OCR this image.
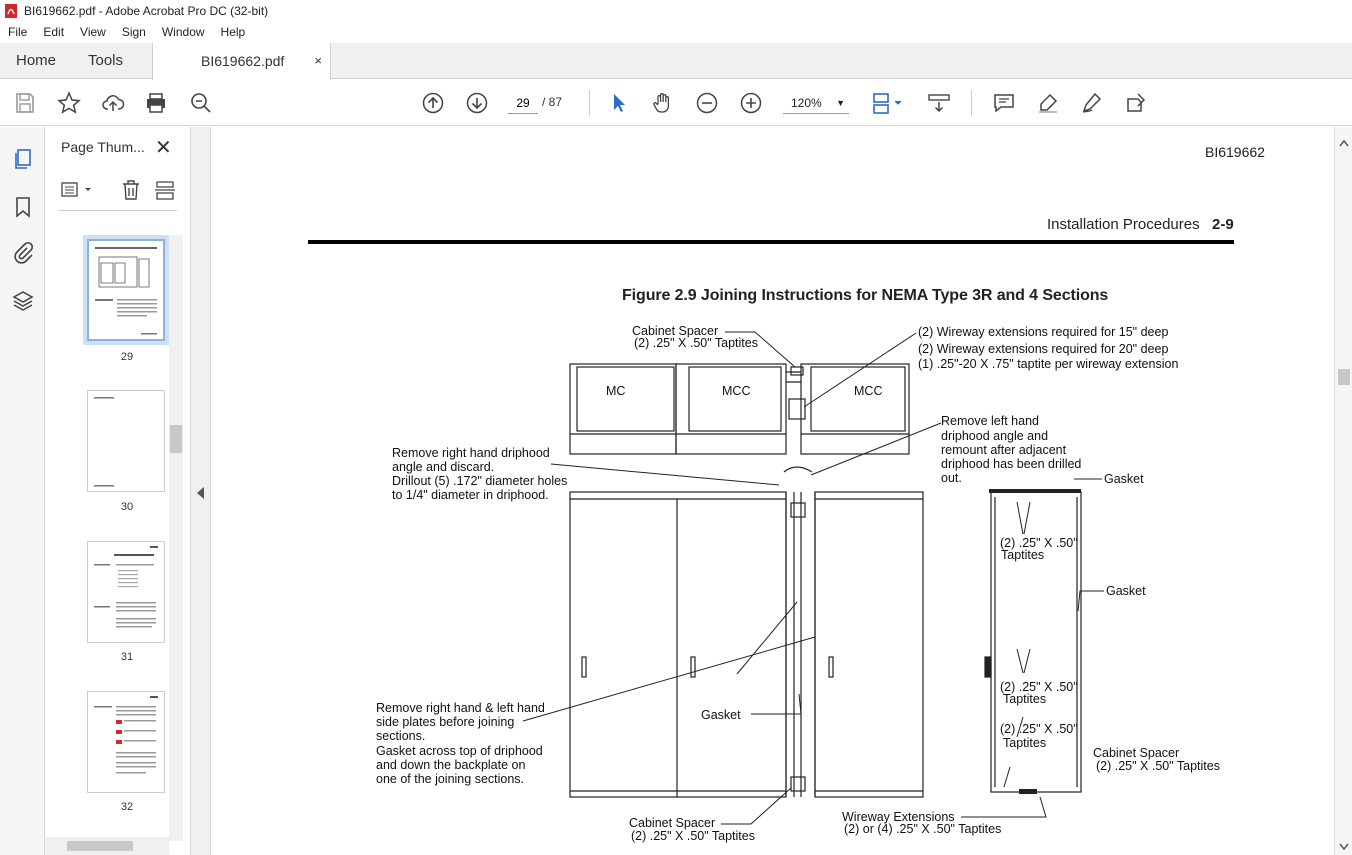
BI619662.pdf - Adobe Acrobat Pro DC (32-bit)
File	Edit	View	Sign	Window	Help
Home Tools	BI619662.pdf ×
29
/ 87	120% ▼
Page Thum... ✕
29
30
31
32
BI619662
Installation Procedures 2-9
Figure 2.9 Joining Instructions for NEMA Type 3R and 4 Sections
MC	MCC	MCC
Cabinet Spacer
(2) .25" X .50" Taptites
(2) Wireway extensions required for 15" deep
(2) Wireway extensions required for 20" deep
(1) .25"-20 X .75" taptite per wireway extension
Remove right hand driphood
angle and discard.
Drillout (5) .172" diameter holes
to 1/4" diameter in driphood.
Remove left hand
driphood angle and
remount after adjacent
driphood has been drilled
out.	Gasket
Gasket
Gasket
(2) .25" X .50"
Taptites
(2) .25" X .50"
Taptites
(2) .25" X .50"
Taptites
Remove right hand & left hand
side plates before joining
sections.
Gasket across top of driphood
and down the backplate on
one of the joining sections.
Cabinet Spacer
(2) .25" X .50" Taptites
Cabinet Spacer
(2) .25" X .50" Taptites
Wireway Extensions
(2) or (4) .25" X .50" Taptites
